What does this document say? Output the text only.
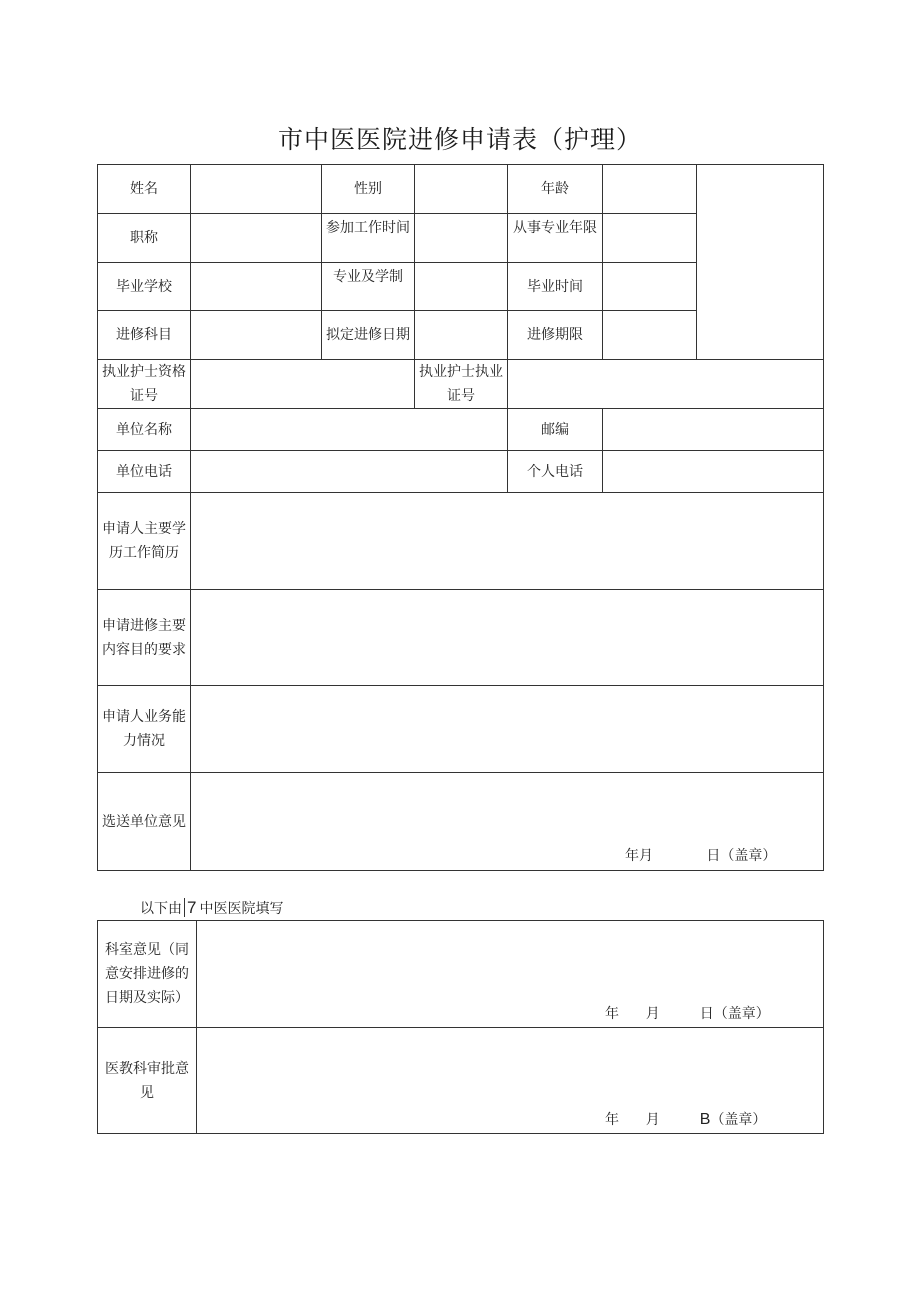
市中医医院进修申请表（护理）
姓名		性别		年龄		
职称		参加工作时间		从事专业年限		
毕业学校		专业及学制		毕业时间		
进修科目		拟定进修日期		进修期限		
执业护士资格证号			执业护士执业证号			
单位名称				邮编		
单位电话				个人电话		
申请人主要学历工作简历						
申请进修主要内容目的要求						
申请人业务能力情况						
选送单位意见	年月            日（盖章）					
以下由 7 中医医院填写
科室意见（同意安排进修的日期及实际）	年      月         日（盖章）

医教科审批意见	年      月         B（盖章）
